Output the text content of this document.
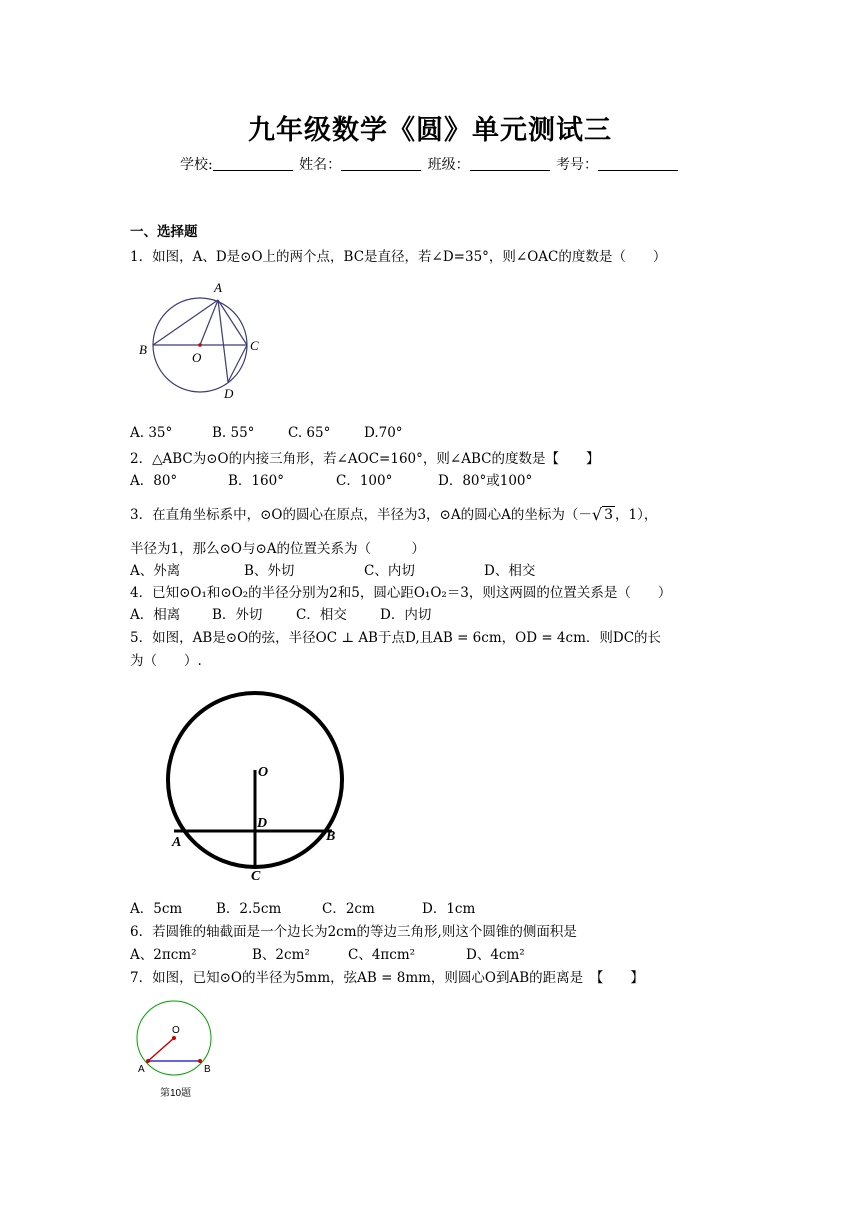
九年级数学《圆》单元测试三
学校:	姓名：	班级：	考号：
一、选择题
1．如图，A、D是⊙O上的两个点，BC是直径，若∠D=35°，则∠OAC的度数是（　　）
A
B	C
D
O
A. 35°	B. 55° C. 65° D.70°
2．△ABC为⊙O的内接三角形，若∠AOC=160°，则∠ABC的度数是【　　】
A．80°	B．160°	C．100°	D．80°或100°
3．在直角坐标系中，⊙O的圆心在原点，半径为3，⊙A的圆心A的坐标为（－√ 3 ，1），
半径为1，那么⊙O与⊙A的位置关系为（　　　）
A、外离	B、外切	C、内切	D、相交
4．已知⊙O₁和⊙O₂的半径分别为2和5，圆心距O₁O₂＝3，则这两圆的位置关系是（　　）
A．相离 B．外切 C．相交 D．内切
5．如图，AB是⊙O的弦，半径OC ⊥ AB于点D,且AB = 6cm，OD = 4cm．则DC的长
为（　　）.
O
D
A	B
C
A．5cm	B．2.5cm	C．2cm	D．1cm
6．若圆锥的轴截面是一个边长为2cm的等边三角形,则这个圆锥的侧面积是
A、2πcm²	B、2cm²	C、4πcm²	D、4cm²
7．如图，已知⊙O的半径为5mm，弦AB = 8mm，则圆心O到AB的距离是　【　　】
O
A	B
第10题
